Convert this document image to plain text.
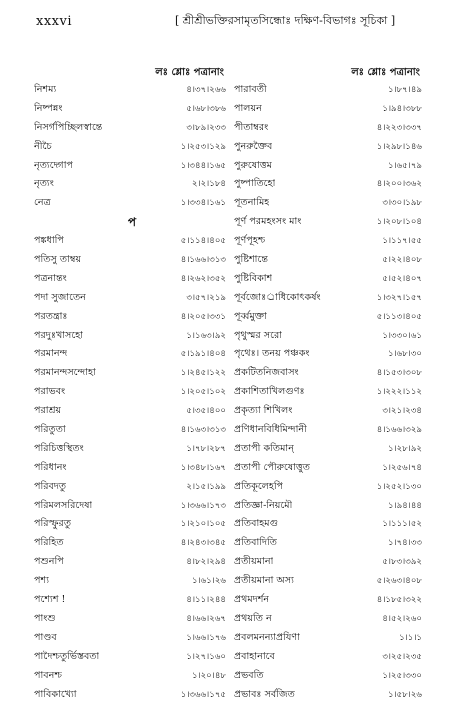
xxxvi	[ শ্রীশ্রীভক্তিরসামৃতসিন্ধোঃ দক্ষিণ-বিভাগঃ সূচিকা ]
লঃ শ্লোঃ পত্রানাং
নিশম্য	৪।৩৭।২৬৬
নিষ্পন্নং	৫।৬৮।৩৮৬
নিসর্গপিচ্ছিলস্বান্তে	৩।৮৯।২৩৩
নীচৈ	১।২৫৩।১২৯
নৃত্যদ্গোপ	১।৩৪৪।১৬৫
নৃত্যং	২।২।১৮৪
নেত্র	১।৩৩৪।১৬১
প
পঙ্কধাপি	৫।১১৪।৪০৫
পতিসু তাম্বয়	৪।১৬৬।৩১৩
পত্রনান্তং	৪।২৬২।৩৫২
পদা সুজাতেন	৩।৫৭।২১৯
পরতন্ত্রাঃ	৪।২০৫।৩৩১
পরদুঃখাসহো	১।১৬৩।৯২
পরমানন্দ	৫।১৯১।৪০৪
পরমানন্দসন্দোহা	১।২৪৫।১২২
পরাভবং	১।২০৫।১০২
পরাশ্রয়	৫।৩৫।৪০০
পরিতুতা	৪।১৬৩।৩১৩
পরিচিত্তস্থিতং	১।৭৮।২৮৭
পরিধানং	১।৩৪৮।১৬৭
পরিবদতু	২।১৫।১৯৯
পরিমলসরিদেষা	১।৩৬৬।১৭৩
পরিস্ফুরতু	১।২১০।১০৫
পরিহিত	৪।২৪৩।৩৪৫
পশুনপি	৪।৮২।২৯৪
পশ্য	১।৬১।২৬
পশ্যেশ !	৪।১১।২৪৪
পাংশু	৪।৬৬।২৬৭
পাণ্ডব	১।৬৬।১৭৬
পাদৈশ্চতুর্ভিস্তবতা	১।২৭।১৬০
পাবনশ্চ	১।২০।৪৮
পাবিকাখ্যো	১।৩৬৬।১৭৫
লঃ শ্লোঃ পত্রানাং
পারাবতী	১।৮৭।৪৯
পালয়ন	১।৯৪।৩৮৮
পীতাম্বরং	৪।২২৩।৩৩৭
পুনরুক্তৈব	১।২৯৮।১৪৬
পুরুষোত্তম	১।৬৫।৭৯
পুষ্পাতিহো	৪।২০০।৩৬২
পূতনামিহ	৩।৩০।১৯৮
পূর্ণ পরমহংসং মাং	১।২০৮।১০৪
পূর্ণপূহশ্চ	১।১১৭।৫৫
পুষ্টিশান্তে	৫।২২।৪০৮
পুষ্টিবিকাশ	৫।৫২।৪০৭
পূর্বজোঃ্রাধিকোৎকর্ষং	১।৩২৭।১৫৭
পূর্ব্বমুক্তা	৫।১১৩।৪০৫
পৃথুস্মর সরো	১।৩৩০।৬১
পৃথেঃ। তনয় পঞ্চকং	১।৬৮।৩০
প্রকটিতনিজবাসং	৪।১৫৩।৩০৮
প্রকাশিতাখিলগুণঃ	১।২২২।১১২
প্রকৃত্যা শিখিলং	৩।২১।২৩৪
প্রণিধানবিধিমিন্দানী	৪।১৬৬।৩২৯
প্রতাপী কতিমান্	১।২৮।৯২
প্রতাপী পৌরুষোত্তুত	১।২৫৬।৭৪
প্রতিকূলেহপি	১।২৫২।১৩০
প্রতিজ্ঞা-নিয়মৌ	১।৯৪।৪৪
প্রতিবাহমগু	১।১১১।৫২
প্রতিবাদিতি	১।৭৪।৩৩
প্রতীয়মানা	৫।৮৩।৩৯২
প্রতীয়মানা অস্য	৫।২৬৩।৪০৮
প্রথমদর্শন	৪।১৮৫।৩২২
প্রথয়তি ন	৪।৫২।২৬০
প্রবলমনন্যাপ্রযিণা	১।১।১
প্রবাহানাবে	৩।২৫।২৩৫
প্রভবতি	১।২৫।৩৩০
প্রভাবঃ সর্বজিত	১।৫৮।২৬
